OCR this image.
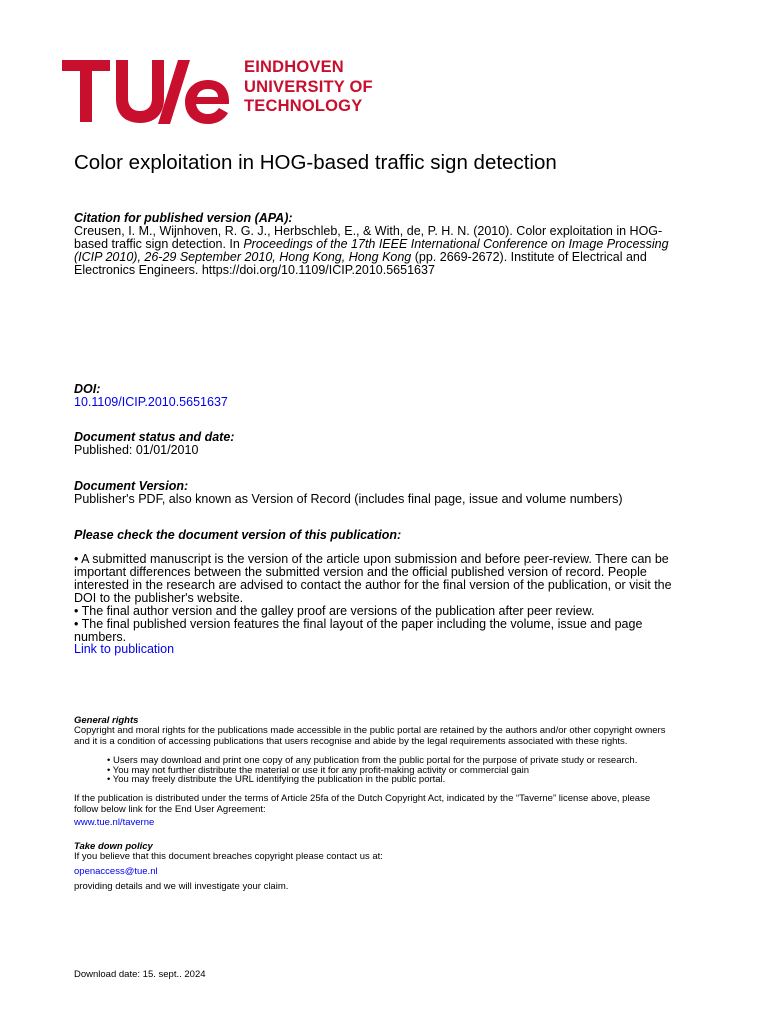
EINDHOVEN
UNIVERSITY OF
TECHNOLOGY
Color exploitation in HOG-based traffic sign detection
Citation for published version (APA):
Creusen, I. M., Wijnhoven, R. G. J., Herbschleb, E., & With, de, P. H. N. (2010). Color exploitation in HOG-
based traffic sign detection. In Proceedings of the 17th IEEE International Conference on Image Processing
(ICIP 2010), 26-29 September 2010, Hong Kong, Hong Kong (pp. 2669-2672). Institute of Electrical and
Electronics Engineers. https://doi.org/10.1109/ICIP.2010.5651637
DOI:
10.1109/ICIP.2010.5651637
Document status and date:
Published: 01/01/2010
Document Version:
Publisher's PDF, also known as Version of Record (includes final page, issue and volume numbers)
Please check the document version of this publication:
• A submitted manuscript is the version of the article upon submission and before peer-review. There can be
important differences between the submitted version and the official published version of record. People
interested in the research are advised to contact the author for the final version of the publication, or visit the
DOI to the publisher's website.
• The final author version and the galley proof are versions of the publication after peer review.
• The final published version features the final layout of the paper including the volume, issue and page
numbers.
Link to publication
General rights
Copyright and moral rights for the publications made accessible in the public portal are retained by the authors and/or other copyright owners
and it is a condition of accessing publications that users recognise and abide by the legal requirements associated with these rights.
• Users may download and print one copy of any publication from the public portal for the purpose of private study or research.
• You may not further distribute the material or use it for any profit-making activity or commercial gain
• You may freely distribute the URL identifying the publication in the public portal.
If the publication is distributed under the terms of Article 25fa of the Dutch Copyright Act, indicated by the “Taverne” license above, please
follow below link for the End User Agreement:
www.tue.nl/taverne
Take down policy
If you believe that this document breaches copyright please contact us at:
openaccess@tue.nl
providing details and we will investigate your claim.
Download date: 15. sept.. 2024
